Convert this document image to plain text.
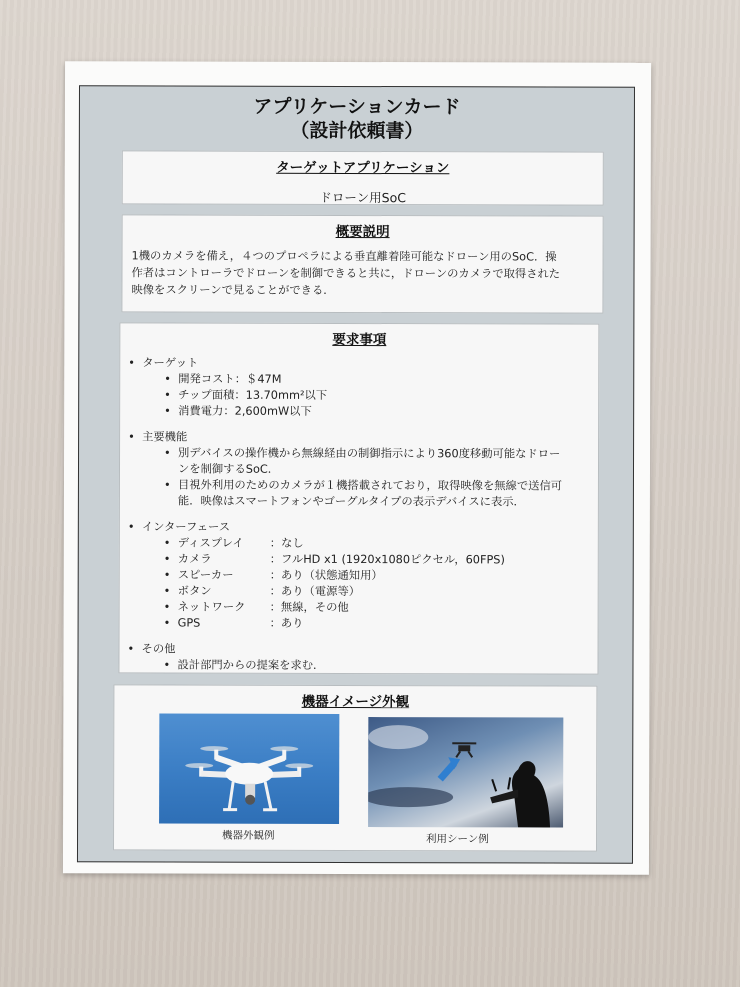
アプリケーションカード
（設計依頼書）
ターゲットアプリケーション
ドローン用SoC
概要説明
1機のカメラを備え，４つのプロペラによる垂直離着陸可能なドローン用のSoC．操
作者はコントローラでドローンを制御できると共に，ドローンのカメラで取得された
映像をスクリーンで見ることができる．
要求事項
• ターゲット
• 開発コスト ： ＄47M
• チップ面積 ： 13.70mm²以下
• 消費電力 ： 2,600mW以下
• 主要機能
• 別デバイスの操作機から無線経由の制御指示により360度移動可能なドロー
ンを制御するSoC．
• 目視外利用のためのカメラが１機搭載されており，取得映像を無線で送信可
能．映像はスマートフォンやゴーグルタイプの表示デバイスに表示．
• インターフェース
• ディスプレイ	：なし
• カメラ	：フルHD x1 (1920x1080ピクセル，60FPS)
• スピーカー	：あり（状態通知用）
• ボタン	：あり（電源等）
• ネットワーク	：無線，その他
• GPS	：あり
• その他
• 設計部門からの提案を求む．
機器イメージ外観
機器外観例	利用シーン例
